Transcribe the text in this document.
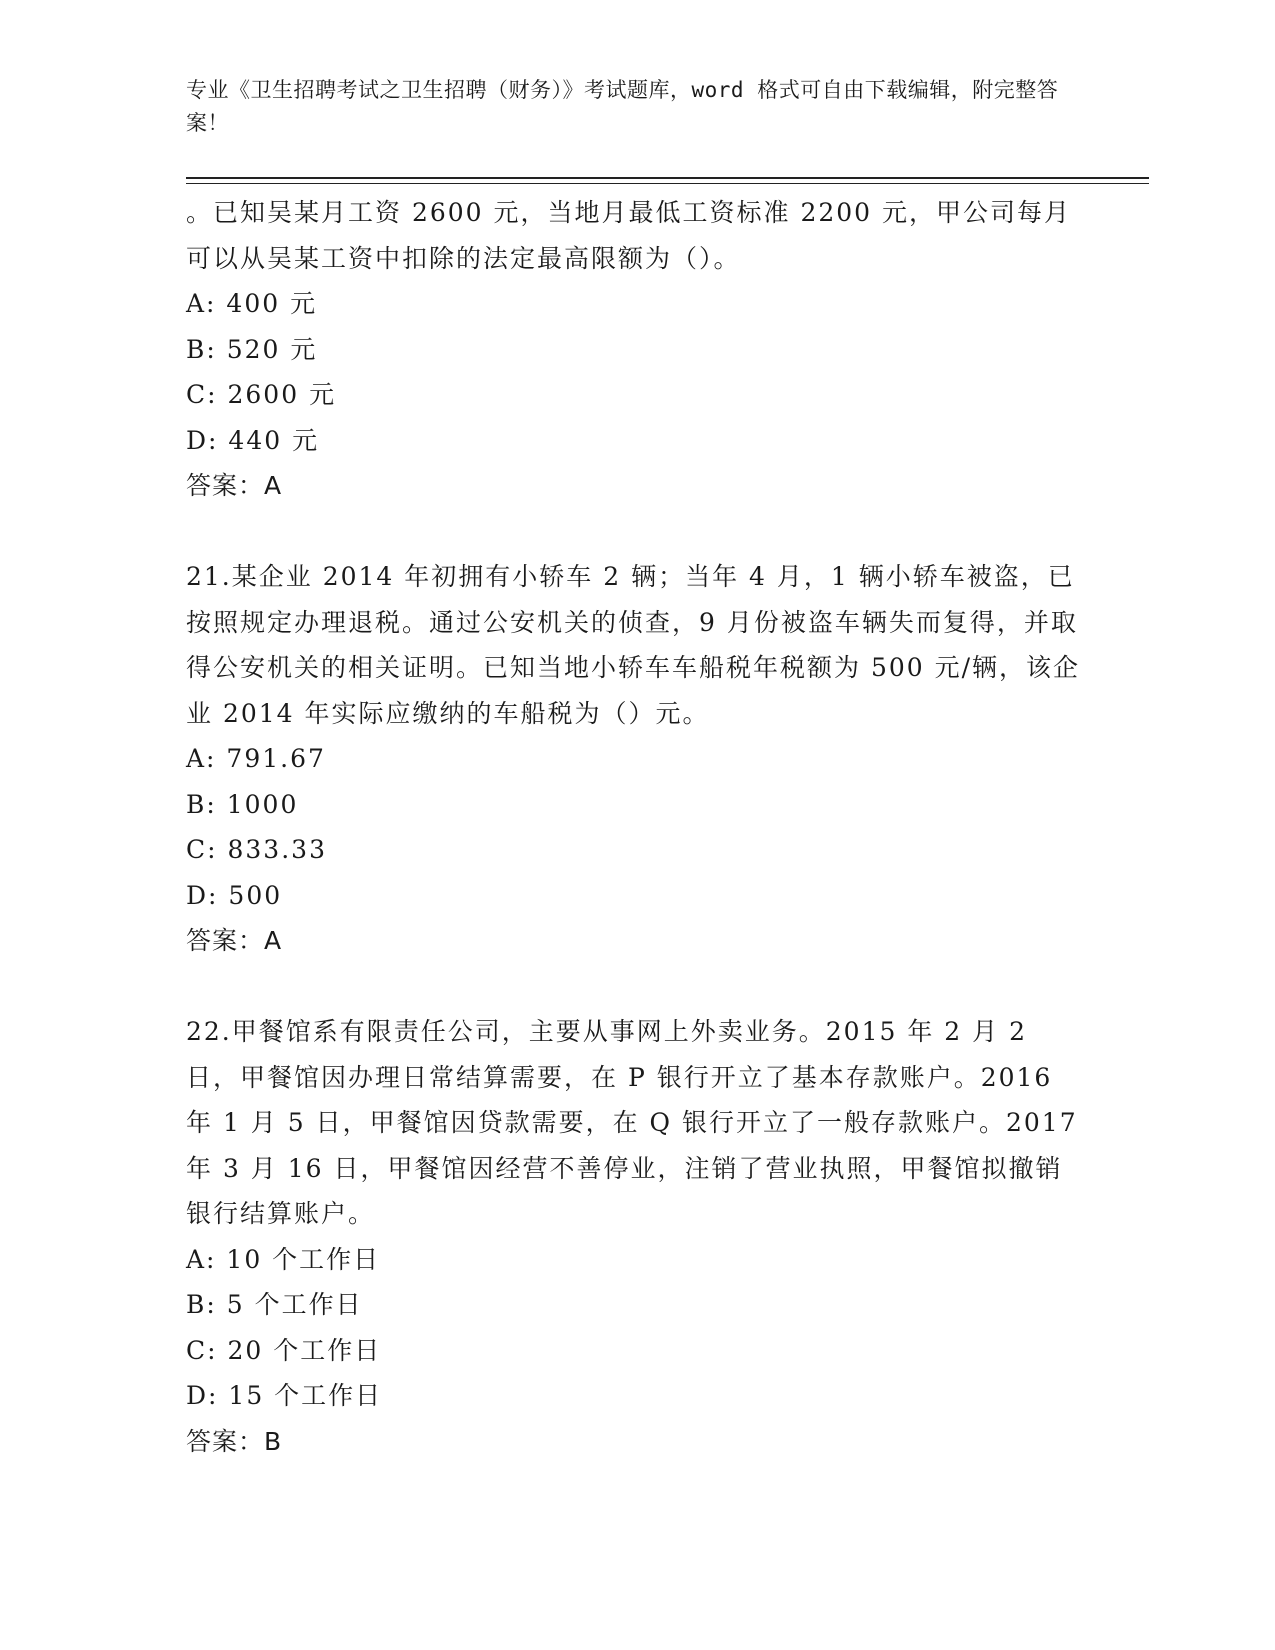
专业《卫生招聘考试之卫生招聘（财务）》考试题库，word 格式可自由下载编辑，附完整答案！

。已知吴某月工资 2600 元，当地月最低工资标准 2200 元，甲公司每月可以从吴某工资中扣除的法定最高限额为（）。

A: 400 元

B: 520 元

C: 2600 元

D: 440 元

答案：A

21.某企业 2014 年初拥有小轿车 2 辆；当年 4 月，1 辆小轿车被盗，已按照规定办理退税。通过公安机关的侦查，9 月份被盗车辆失而复得，并取得公安机关的相关证明。已知当地小轿车车船税年税额为 500 元/辆，该企业 2014 年实际应缴纳的车船税为（）元。

A: 791.67

B: 1000

C: 833.33

D: 500

答案：A

22.甲餐馆系有限责任公司，主要从事网上外卖业务。2015 年 2 月 2 日，甲餐馆因办理日常结算需要，在 P 银行开立了基本存款账户。2016 年 1 月 5 日，甲餐馆因贷款需要，在 Q 银行开立了一般存款账户。2017 年 3 月 16 日，甲餐馆因经营不善停业，注销了营业执照，甲餐馆拟撤销银行结算账户。

A: 10 个工作日

B: 5 个工作日

C: 20 个工作日

D: 15 个工作日

答案：B
